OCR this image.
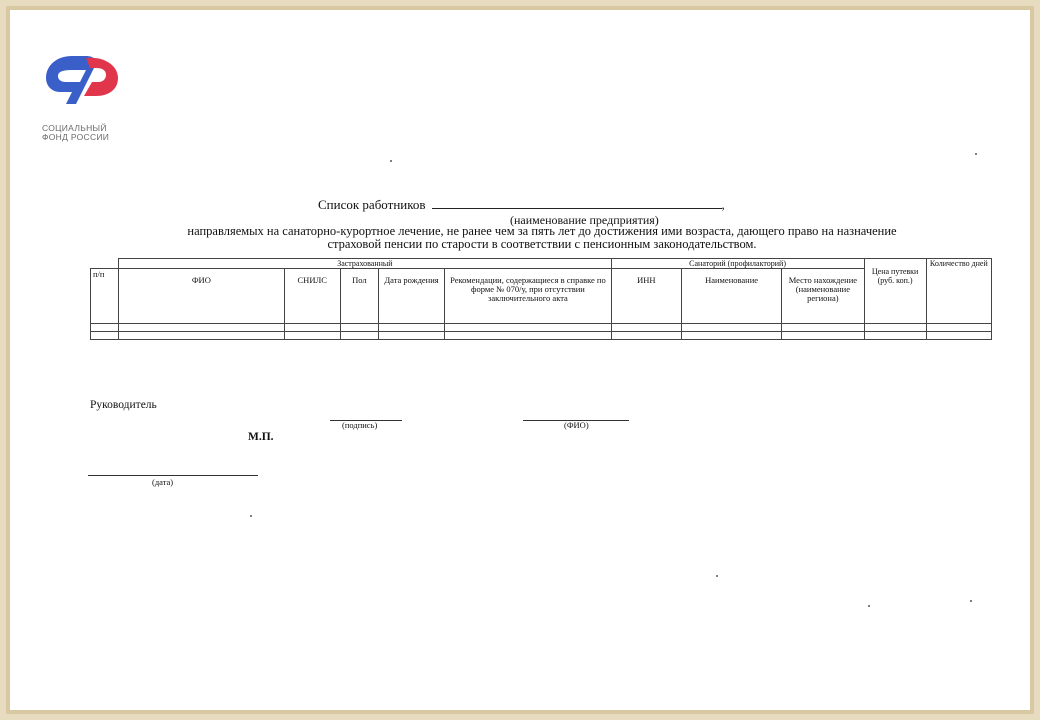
СОЦИАЛЬНЫЙ
ФОНД РОССИИ
Список работников	,
(наименование предприятия)
направляемых на санаторно-курортное лечение, не ранее чем за пять лет до достижения ими возраста, дающего право на назначение
страховой пенсии по старости в соответствии с пенсионным законодательством.
	Застрахованный					Санаторий (профилакторий)			Цена путевки (руб. коп.)	Количество дней
п/п	ФИО	СНИЛС	Пол	Дата рождения	Рекомендации, содержащиеся в справке по форме № 070/у, при отсутствии заключительного акта	ИНН	Наименование	Место нахождение (наименование региона)		

Руководитель
(подпись)	(ФИО)
М.П.
(дата)
